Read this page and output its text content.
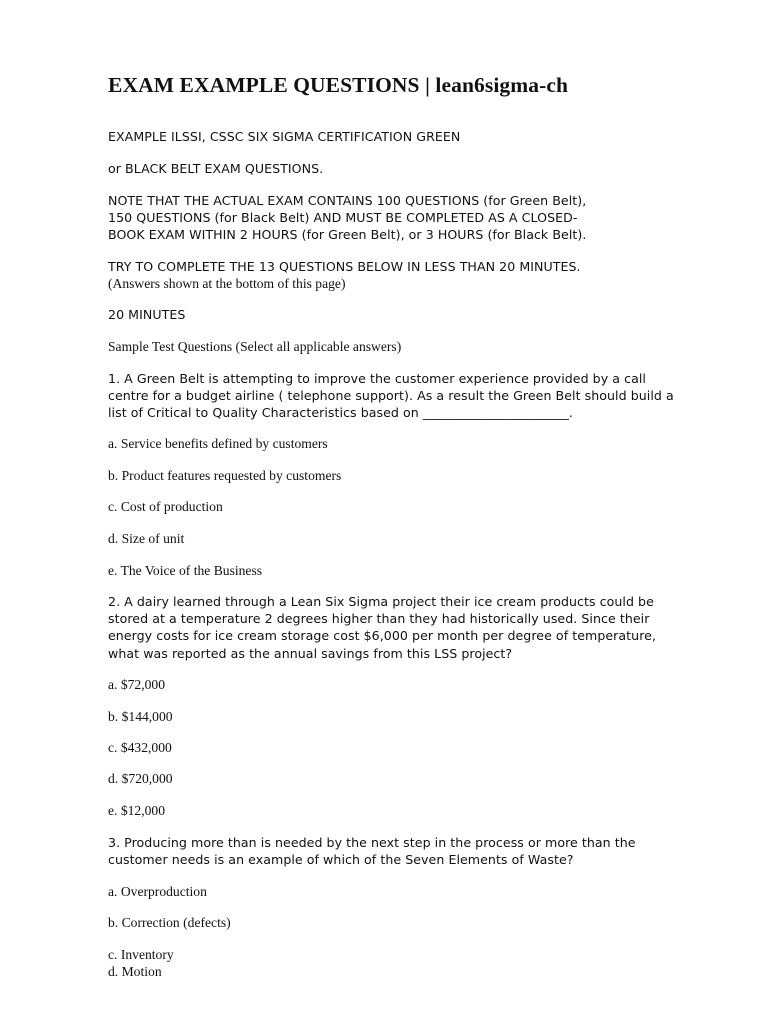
EXAM EXAMPLE QUESTIONS | lean6sigma-ch

EXAMPLE ILSSI, CSSC SIX SIGMA CERTIFICATION GREEN

or BLACK BELT EXAM QUESTIONS.

NOTE THAT THE ACTUAL EXAM CONTAINS 100 QUESTIONS (for Green Belt),

150 QUESTIONS (for Black Belt) AND MUST BE COMPLETED AS A CLOSED-

BOOK EXAM WITHIN 2 HOURS (for Green Belt), or 3 HOURS (for Black Belt).

TRY TO COMPLETE THE 13 QUESTIONS BELOW IN LESS THAN 20 MINUTES.

(Answers shown at the bottom of this page)

20 MINUTES

Sample Test Questions (Select all applicable answers)

1. A Green Belt is attempting to improve the customer experience provided by a call

centre for a budget airline ( telephone support). As a result the Green Belt should build a

list of Critical to Quality Characteristics based on _______________________.

a. Service benefits defined by customers

b. Product features requested by customers

c. Cost of production

d. Size of unit

e. The Voice of the Business

2. A dairy learned through a Lean Six Sigma project their ice cream products could be

stored at a temperature 2 degrees higher than they had historically used. Since their

energy costs for ice cream storage cost $6,000 per month per degree of temperature,

what was reported as the annual savings from this LSS project?

a. $72,000

b. $144,000

c. $432,000

d. $720,000

e. $12,000

3. Producing more than is needed by the next step in the process or more than the

customer needs is an example of which of the Seven Elements of Waste?

a. Overproduction

b. Correction (defects)

c. Inventory

d. Motion
